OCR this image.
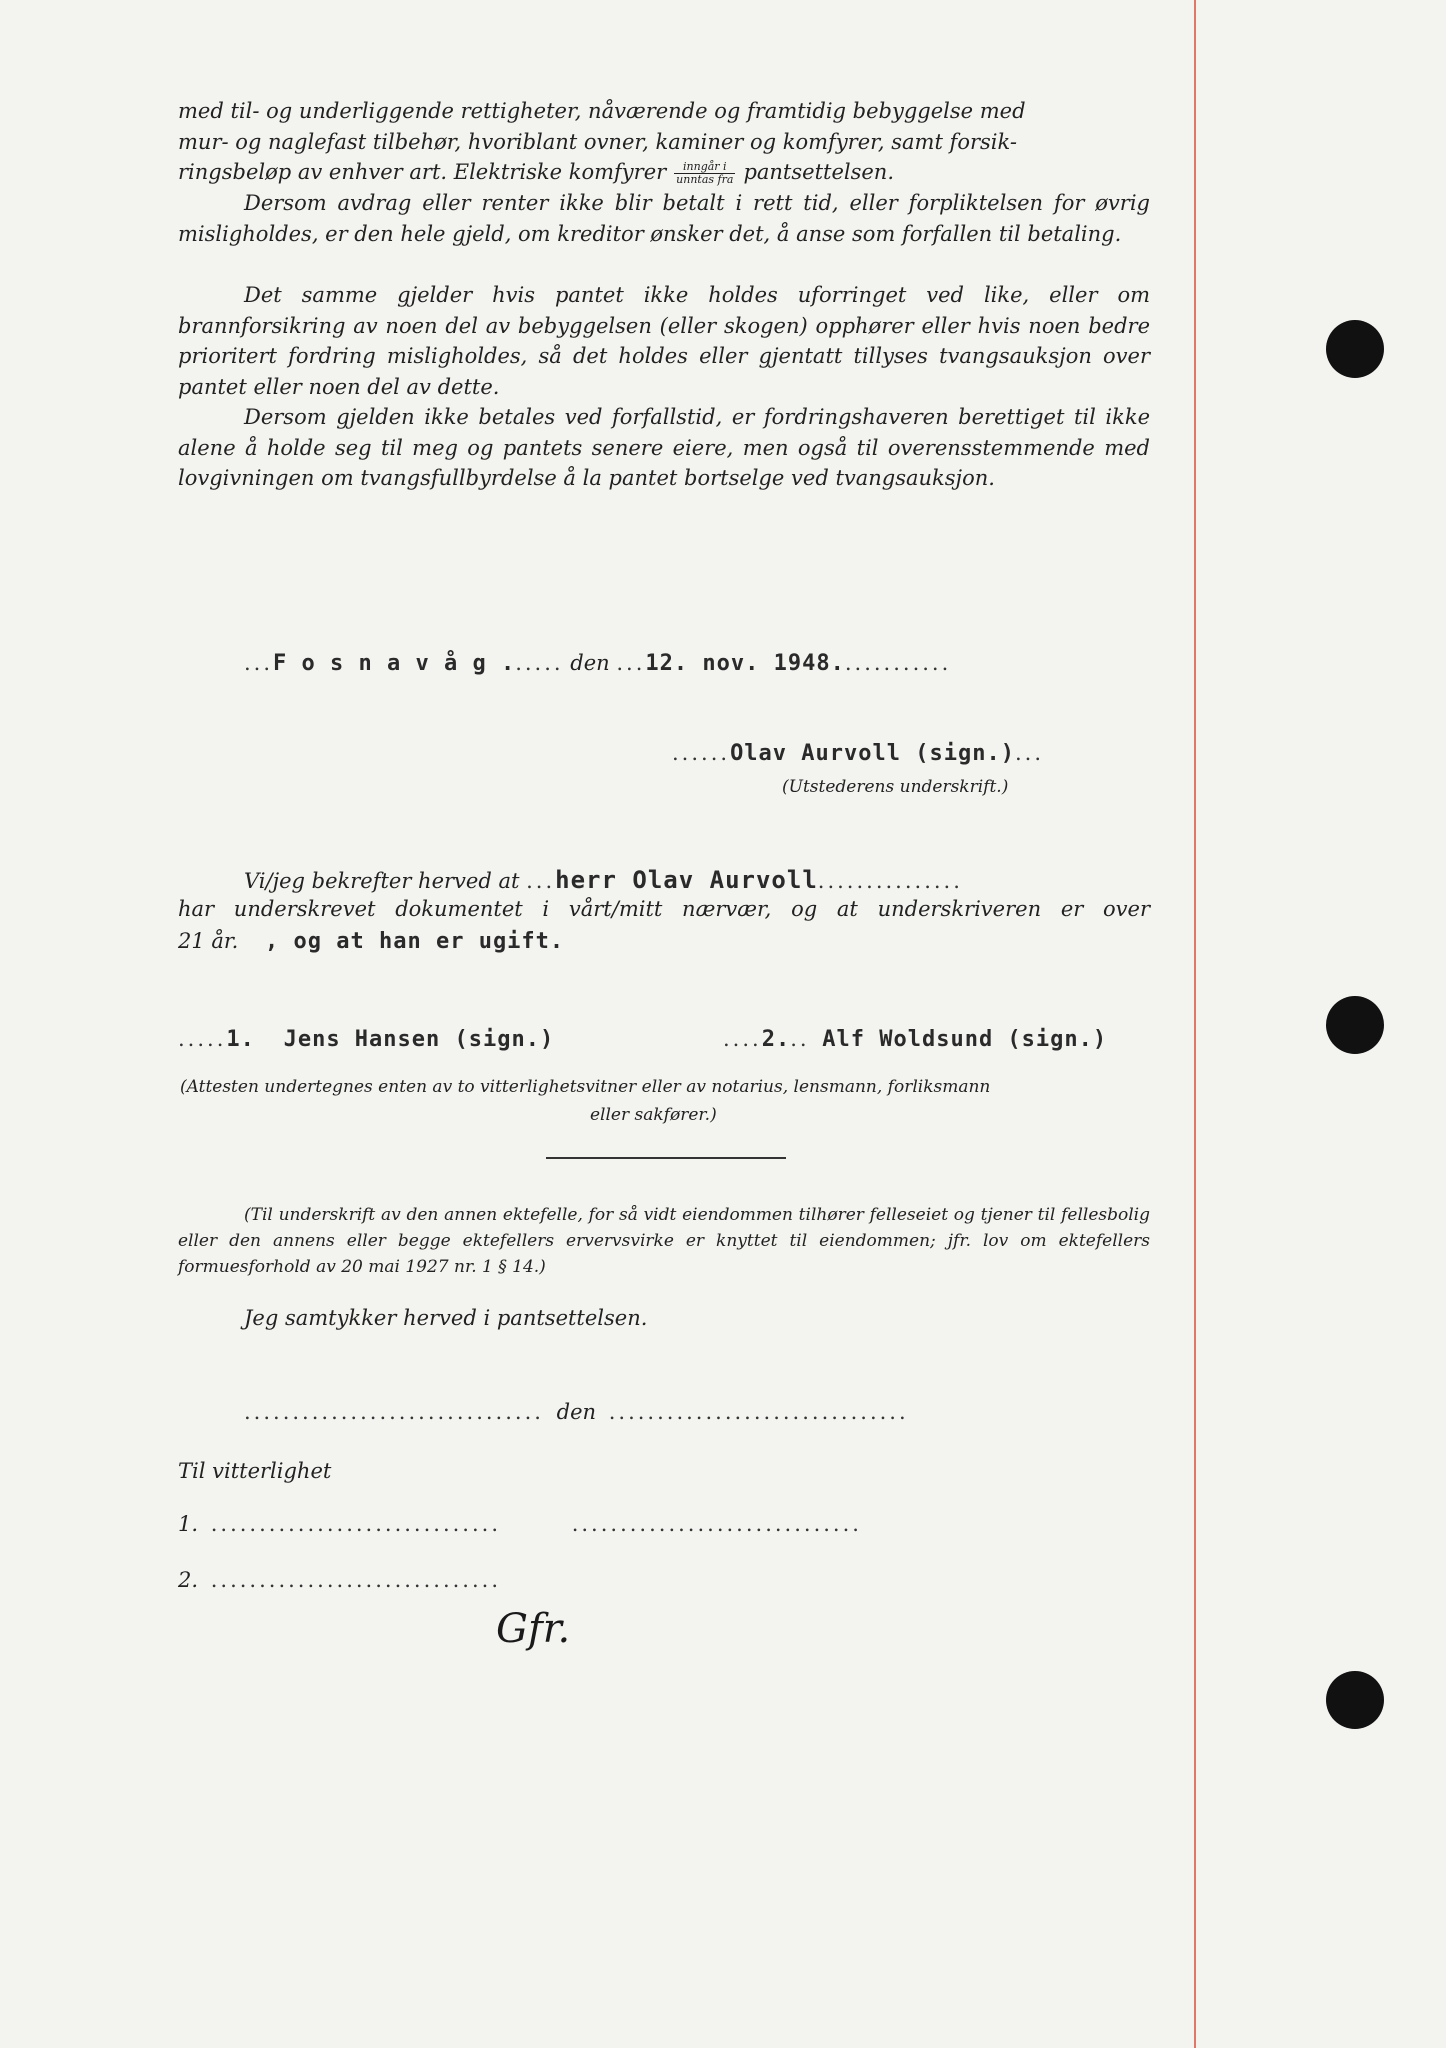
med til- og underliggende rettigheter, nåværende og framtidig bebyggelse med
mur- og naglefast tilbehør, hvoriblant ovner, kaminer og komfyrer, samt forsik-
ringsbeløp av enhver art. Elektriske komfyrer $\frac{\text{inngår i}}{\text{unntas fra}}$ pantsettelsen.
Dersom avdrag eller renter ikke blir betalt i rett tid, eller forpliktelsen for øvrig misligholdes, er den hele gjeld, om kreditor ønsker det, å anse som forfallen til betaling.
Det samme gjelder hvis pantet ikke holdes uforringet ved like, eller om brannforsikring av noen del av bebyggelsen (eller skogen) opphører eller hvis noen bedre prioritert fordring misligholdes, så det holdes eller gjentatt tillyses tvangsauksjon over pantet eller noen del av dette.
Dersom gjelden ikke betales ved forfallstid, er fordringshaveren berettiget til ikke alene å holde seg til meg og pantets senere eiere, men også til overensstemmende med lovgivningen om tvangsfullbyrdelse å la pantet bortselge ved tvangsauksjon.
...F o s n a v å g ...... den ...12. nov. 1948............
......Olav Aurvoll (sign.)...
(Utstederens underskrift.)
Vi/jeg bekrefter herved at ...herr Olav Aurvoll...............
har underskrevet dokumentet i vårt/mitt nærvær, og at underskriveren er over
21 år. , og at han er ugift.
.....1. Jens Hansen (sign.)	....2... Alf Woldsund (sign.)
(Attesten undertegnes enten av to vitterlighetsvitner eller av notarius, lensmann, forliksmann
eller sakfører.)
(Til underskrift av den annen ektefelle, for så vidt eiendommen tilhører felleseiet og tjener til fellesbolig eller den annens eller begge ektefellers ervervsvirke er knyttet til eiendommen; jfr. lov om ektefellers formuesforhold av 20 mai 1927 nr. 1 § 14.)
Jeg samtykker herved i pantsettelsen.
............................... den ...............................
Til vitterlighet
1. ..............................	..............................
2. ..............................
Gfr.
